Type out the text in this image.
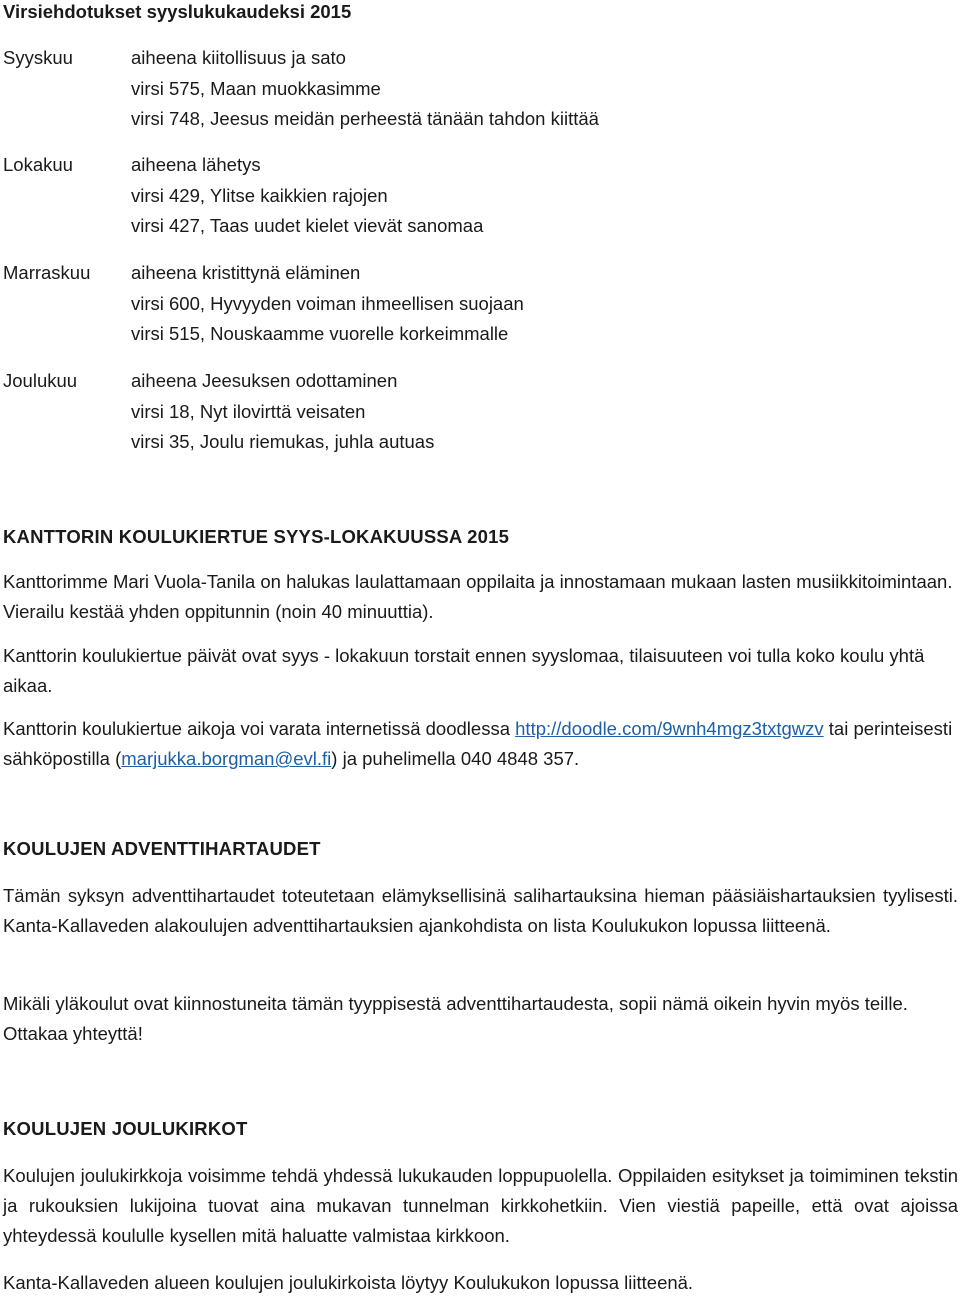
Virsiehdotukset syyslukukaudeksi 2015
Syyskuu	aiheena kiitollisuus ja sato
virsi 575, Maan muokkasimme
virsi 748, Jeesus meidän perheestä tänään tahdon kiittää
Lokakuu	aiheena lähetys
virsi 429, Ylitse kaikkien rajojen
virsi 427, Taas uudet kielet vievät sanomaa
Marraskuu aiheena kristittynä eläminen
virsi 600, Hyvyyden voiman ihmeellisen suojaan
virsi 515, Nouskaamme vuorelle korkeimmalle
Joulukuu	aiheena Jeesuksen odottaminen
virsi 18, Nyt ilovirttä veisaten
virsi 35, Joulu riemukas, juhla autuas
KANTTORIN KOULUKIERTUE SYYS-LOKAKUUSSA 2015

Kanttorimme Mari Vuola-Tanila on halukas laulattamaan oppilaita ja innostamaan mukaan lasten musiikkitoimintaan. Vierailu kestää yhden oppitunnin (noin 40 minuuttia).

Kanttorin koulukiertue päivät ovat syys - lokakuun torstait ennen syyslomaa, tilaisuuteen voi tulla koko koulu yhtä aikaa.

Kanttorin koulukiertue aikoja voi varata internetissä doodlessa http://doodle.com/9wnh4mgz3txtgwzv tai perinteisesti sähköpostilla (marjukka.borgman@evl.fi) ja puhelimella 040 4848 357.

KOULUJEN ADVENTTIHARTAUDET

Tämän syksyn adventtihartaudet toteutetaan elämyksellisinä salihartauksina hieman pääsiäishartauksien tyylisesti. Kanta-Kallaveden alakoulujen adventtihartauksien ajankohdista on lista Koulukukon lopussa liitteenä.

Mikäli yläkoulut ovat kiinnostuneita tämän tyyppisestä adventtihartaudesta, sopii nämä oikein hyvin myös teille. Ottakaa yhteyttä!

KOULUJEN JOULUKIRKOT

Koulujen joulukirkkoja voisimme tehdä yhdessä lukukauden loppupuolella. Oppilaiden esitykset ja toimiminen tekstin ja rukouksien lukijoina tuovat aina mukavan tunnelman kirkkohetkiin. Vien viestiä papeille, että ovat ajoissa yhteydessä koululle kysellen mitä haluatte valmistaa kirkkoon.

Kanta-Kallaveden alueen koulujen joulukirkoista löytyy Koulukukon lopussa liitteenä.
